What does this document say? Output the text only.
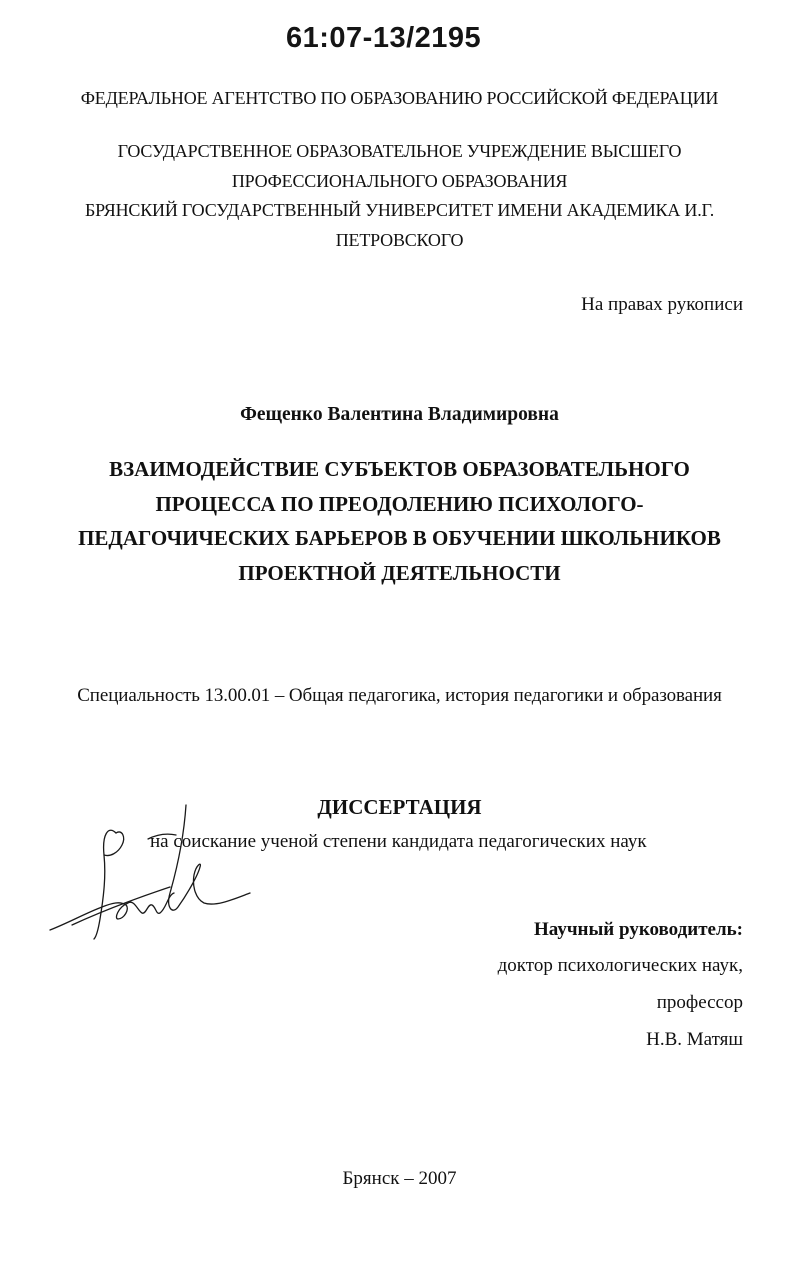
61:07-13/2195
ФЕДЕРАЛЬНОЕ АГЕНТСТВО ПО ОБРАЗОВАНИЮ РОССИЙСКОЙ ФЕДЕРАЦИИ
ГОСУДАРСТВЕННОЕ ОБРАЗОВАТЕЛЬНОЕ УЧРЕЖДЕНИЕ ВЫСШЕГО
ПРОФЕССИОНАЛЬНОГО ОБРАЗОВАНИЯ
БРЯНСКИЙ ГОСУДАРСТВЕННЫЙ УНИВЕРСИТЕТ ИМЕНИ АКАДЕМИКА И.Г.
ПЕТРОВСКОГО
На правах рукописи
Фещенко Валентина Владимировна
ВЗАИМОДЕЙСТВИЕ СУБЪЕКТОВ ОБРАЗОВАТЕЛЬНОГО
ПРОЦЕССА ПО ПРЕОДОЛЕНИЮ ПСИХОЛОГО-
ПЕДАГОЧИЧЕСКИХ БАРЬЕРОВ В ОБУЧЕНИИ ШКОЛЬНИКОВ
ПРОЕКТНОЙ ДЕЯТЕЛЬНОСТИ
Специальность 13.00.01 – Общая педагогика, история педагогики и образования
ДИССЕРТАЦИЯ
на соискание ученой степени кандидата педагогических наук
Научный руководитель:
доктор психологических наук,
профессор
Н.В. Матяш
Брянск – 2007
